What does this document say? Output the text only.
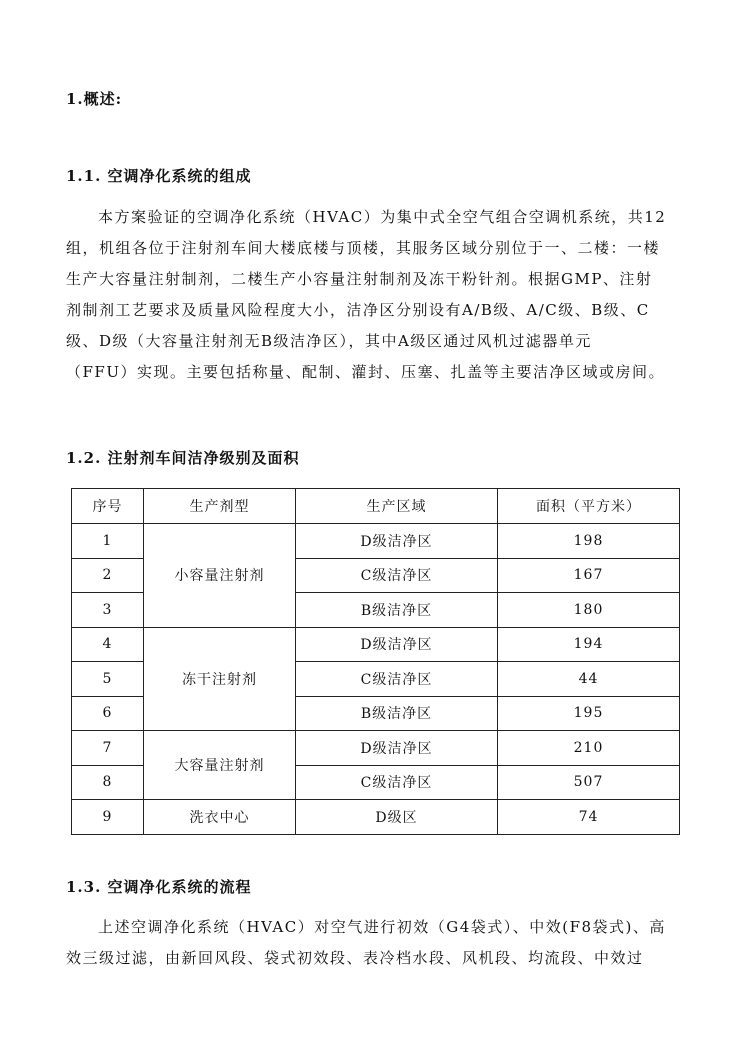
1.概述:
1.1. 空调净化系统的组成
本方案验证的空调净化系统（HVAC）为集中式全空气组合空调机系统，共12
组，机组各位于注射剂车间大楼底楼与顶楼，其服务区域分别位于一、二楼：一楼
生产大容量注射制剂，二楼生产小容量注射制剂及冻干粉针剂。根据GMP、注射
剂制剂工艺要求及质量风险程度大小，洁净区分别设有A/B级、A/C级、B级、C
级、D级（大容量注射剂无B级洁净区），其中A级区通过风机过滤器单元
（FFU）实现。主要包括称量、配制、灌封、压塞、扎盖等主要洁净区域或房间。
1.2. 注射剂车间洁净级别及面积
序号	生产剂型	生产区域	面积（平方米）
1	小容量注射剂	D级洁净区	198
2		C级洁净区	167
3		B级洁净区	180
4	冻干注射剂	D级洁净区	194
5		C级洁净区	44
6		B级洁净区	195
7	大容量注射剂	D级洁净区	210
8		C级洁净区	507
9	洗衣中心	D级区	74
1.3. 空调净化系统的流程
上述空调净化系统（HVAC）对空气进行初效（G4袋式）、中效(F8袋式)、高
效三级过滤，由新回风段、袋式初效段、表冷档水段、风机段、均流段、中效过
